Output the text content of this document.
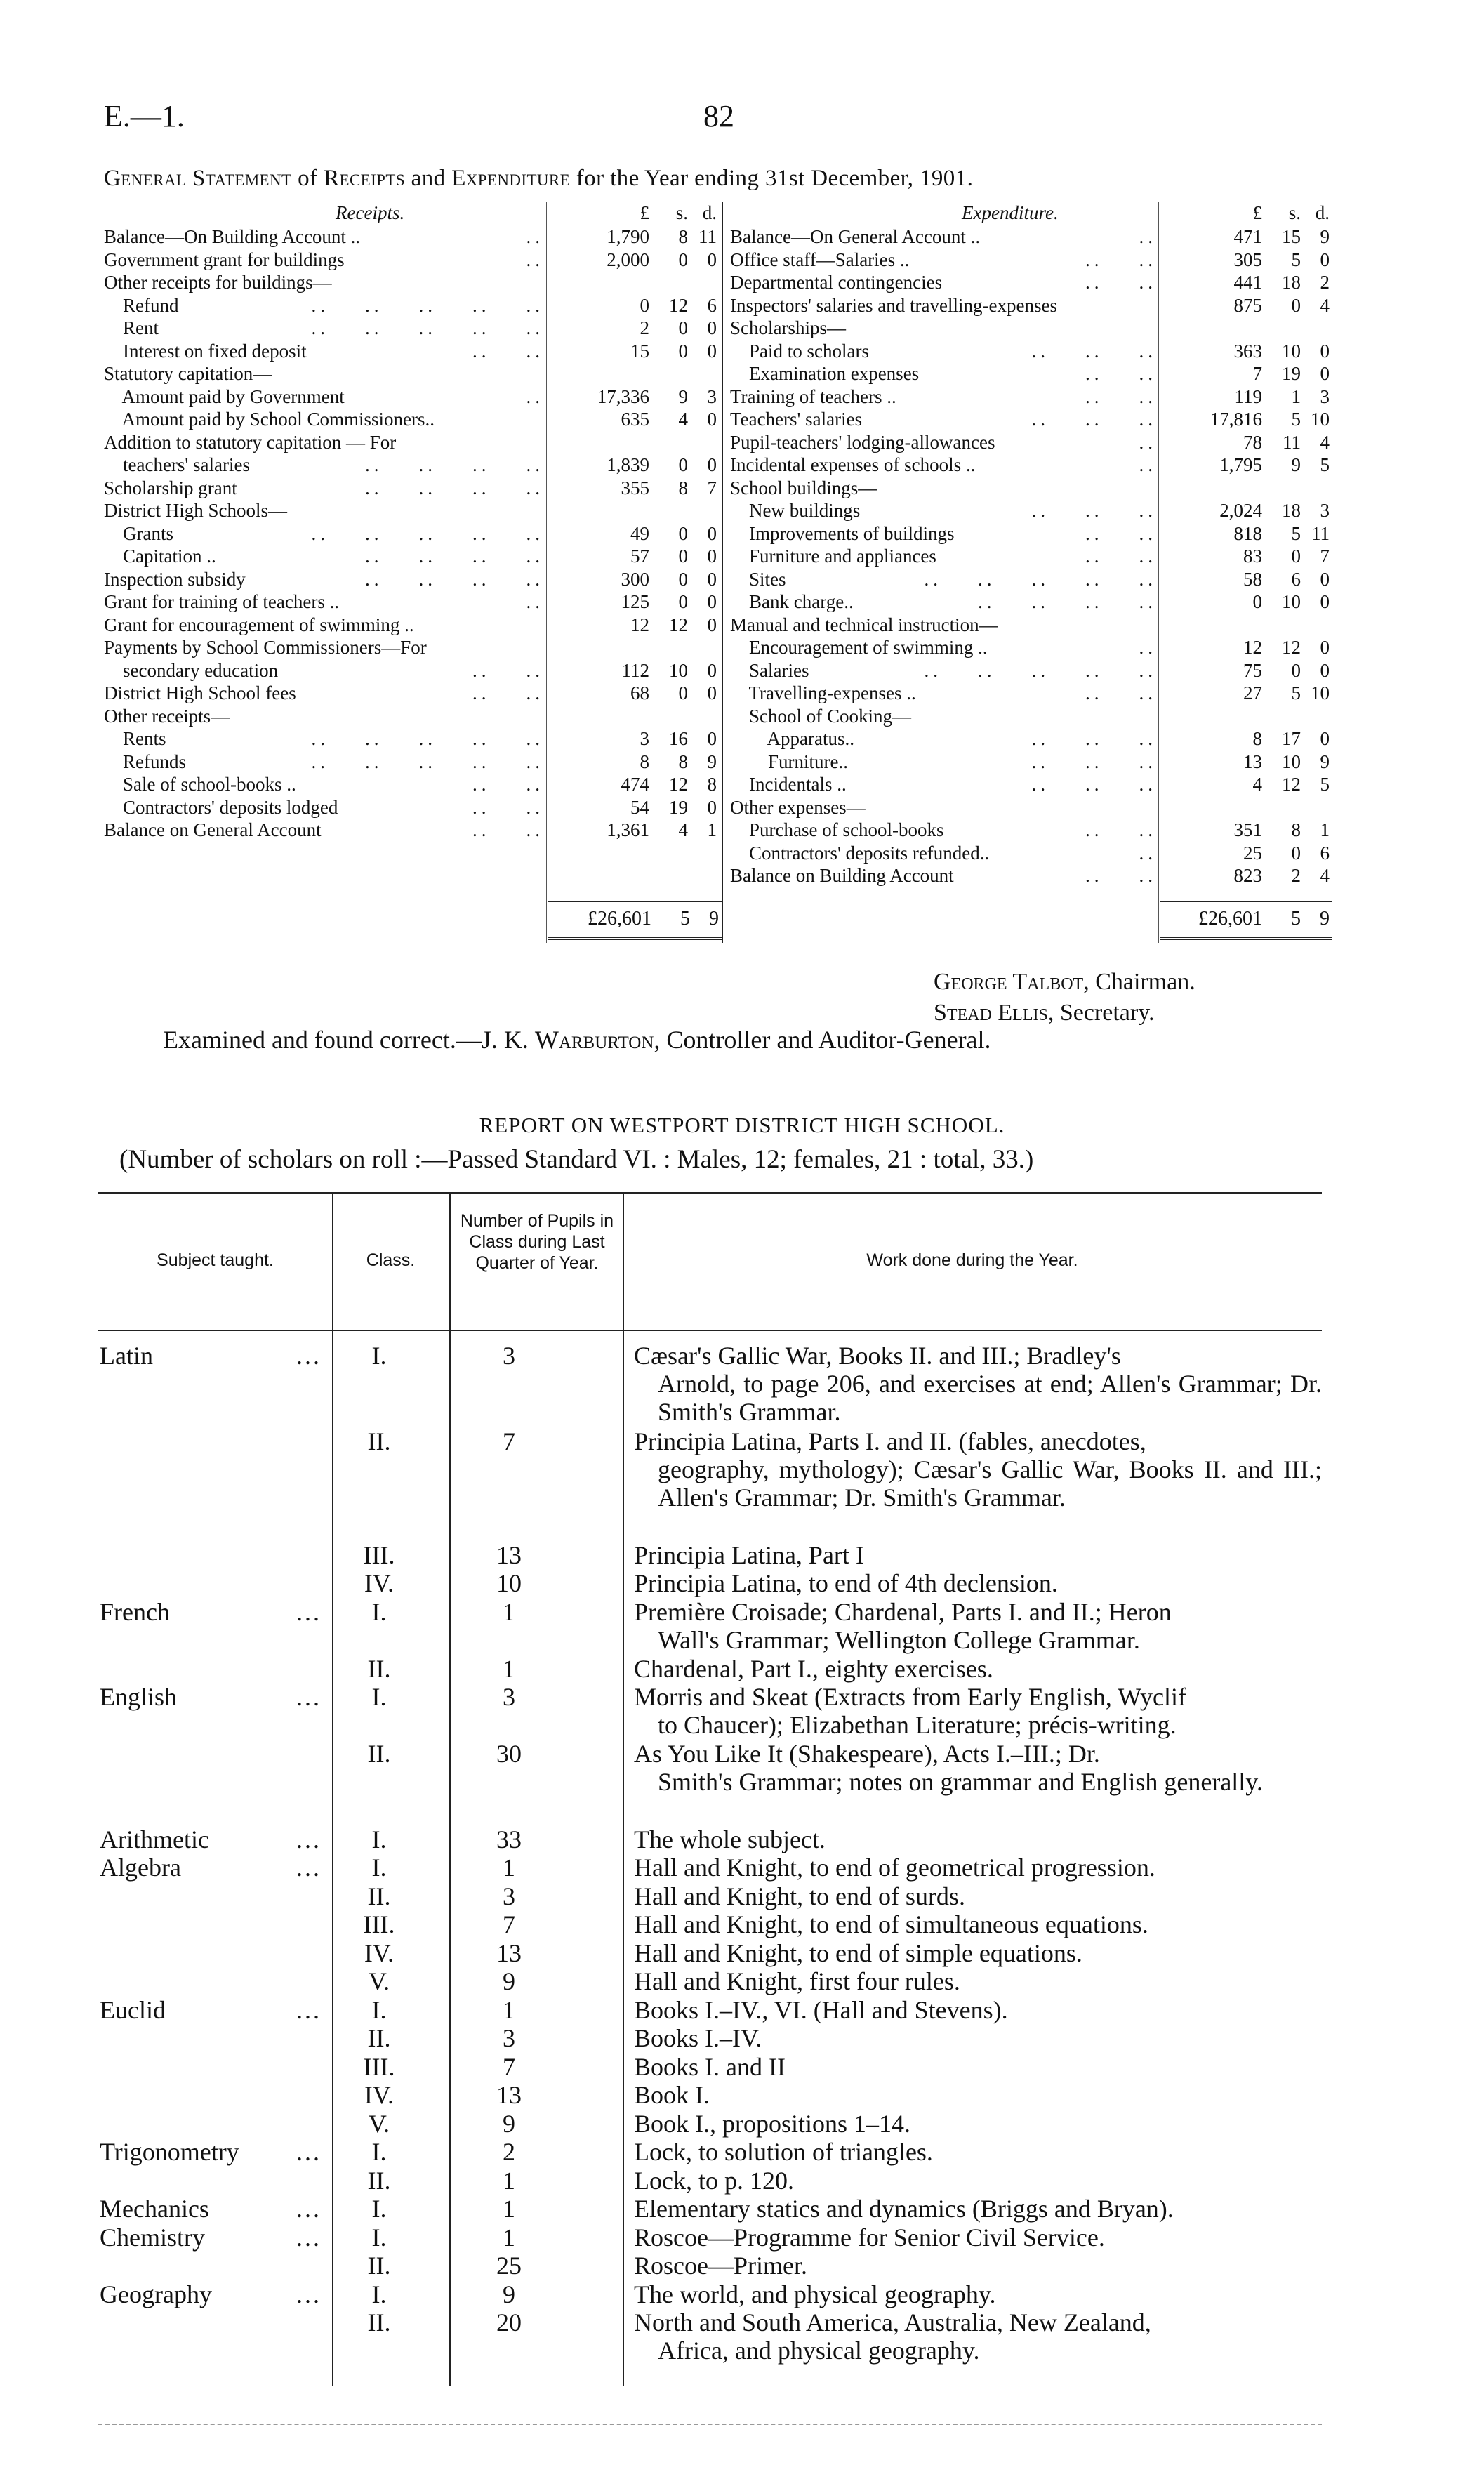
E.—1.	82
General Statement of Receipts and Expenditure for the Year ending 31st December, 1901.
Receipts.	£	s. d.
Balance—On Building Account ..	..	1,790	8 11
Government grant for buildings	..	2,000	0	0
Other receipts for buildings—
Refund	..    ..    ..    ..    ..	0	12	6
Rent	..    ..    ..    ..    ..	2	0	0
Interest on fixed deposit	..    ..	15	0	0
Statutory capitation—
Amount paid by Government	..	17,336	9	3
Amount paid by School Commissioners..	635	4	0
Addition to statutory capitation — For
teachers' salaries	..    ..    ..    ..	1,839	0	0
Scholarship grant	..    ..    ..    ..	355	8	7
District High Schools—
Grants	..    ..    ..    ..    ..	49	0	0
Capitation ..	..    ..    ..    ..	57	0	0
Inspection subsidy	..    ..    ..    ..	300	0	0
Grant for training of teachers ..	..	125	0	0
Grant for encouragement of swimming ..	12	12	0
Payments by School Commissioners—For
secondary education	..    ..	112	10	0
District High School fees	..    ..	68	0	0
Other receipts—
Rents	..    ..    ..    ..    ..	3	16	0
Refunds	..    ..    ..    ..    ..	8	8	9
Sale of school-books ..	..    ..	474	12	8
Contractors' deposits lodged	..    ..	54	19	0
Balance on General Account	..    ..	1,361	4	1
Expenditure.	£	s. d.
Balance—On General Account ..	..	471	15	9
Office staff—Salaries ..	..    ..	305	5	0
Departmental contingencies	..    ..	441	18	2
Inspectors' salaries and travelling-expenses	875	0	4
Scholarships—
Paid to scholars	..    ..    ..	363	10	0
Examination expenses	..    ..	7	19	0
Training of teachers ..	..    ..	119	1	3
Teachers' salaries	..    ..    ..	17,816	5 10
Pupil-teachers' lodging-allowances	..	78	11	4
Incidental expenses of schools ..	..	1,795	9	5
School buildings—
New buildings	..    ..    ..	2,024	18	3
Improvements of buildings	..    ..	818	5 11
Furniture and appliances	..    ..	83	0	7
Sites	..    ..    ..    ..    ..	58	6	0
Bank charge..	..    ..    ..    ..	0	10	0
Manual and technical instruction—
Encouragement of swimming ..	..	12	12	0
Salaries	..    ..    ..    ..    ..	75	0	0
Travelling-expenses ..	..    ..	27	5 10
School of Cooking—
Apparatus..	..    ..    ..	8	17	0
Furniture..	..    ..    ..	13	10	9
Incidentals ..	..    ..    ..	4	12	5
Other expenses—
Purchase of school-books	..    ..	351	8	1
Contractors' deposits refunded..	..	25	0	6
Balance on Building Account	..    ..	823	2	4
£26,601	5 9	£26,601	5 9
George Talbot, Chairman.
Stead Ellis, Secretary.
Examined and found correct.—J. K. Warburton, Controller and Auditor-General.
REPORT ON WESTPORT DISTRICT HIGH SCHOOL.
(Number of scholars on roll :—Passed Standard VI. : Males, 12; females, 21 : total, 33.)
Subject taught.	Class.
Number of Pupils in Class during Last Quarter of Year.	Work done during the Year.
Latin	...	I.	3	Cæsar's Gallic War, Books II. and III.; Bradley's
Arnold, to page 206, and exercises at end; Allen's Grammar; Dr. Smith's Grammar.
II.	7	Principia Latina, Parts I. and II. (fables, anecdotes,
geography, mythology); Cæsar's Gallic War, Books II. and III.; Allen's Grammar; Dr. Smith's Grammar.
III.	13	Principia Latina, Part I
IV.	10	Principia Latina, to end of 4th declension.
French	...	I.	1	Première Croisade; Chardenal, Parts I. and II.; Heron
Wall's Grammar; Wellington College Grammar.
II.	1	Chardenal, Part I., eighty exercises.
English	...	I.	3	Morris and Skeat (Extracts from Early English, Wyclif
to Chaucer); Elizabethan Literature; précis-writing.
II.	30	As You Like It (Shakespeare), Acts I.–III.; Dr.
Smith's Grammar; notes on grammar and English generally.
Arithmetic	...	I.	33	The whole subject.
Algebra	...	I.	1	Hall and Knight, to end of geometrical progression.
II.	3	Hall and Knight, to end of surds.
III.	7	Hall and Knight, to end of simultaneous equations.
IV.	13	Hall and Knight, to end of simple equations.
V.	9	Hall and Knight, first four rules.
Euclid	...	I.	1	Books I.–IV., VI. (Hall and Stevens).
II.	3	Books I.–IV.
III.	7	Books I. and II
IV.	13	Book I.
V.	9	Book I., propositions 1–14.
Trigonometry ...	I.	2	Lock, to solution of triangles.
II.	1	Lock, to p. 120.
Mechanics	...	I.	1	Elementary statics and dynamics (Briggs and Bryan).
Chemistry	...	I.	1	Roscoe—Programme for Senior Civil Service.
II.	25	Roscoe—Primer.
Geography	...	I.	9	The world, and physical geography.
II.	20	North and South America, Australia, New Zealand,
Africa, and physical geography.
